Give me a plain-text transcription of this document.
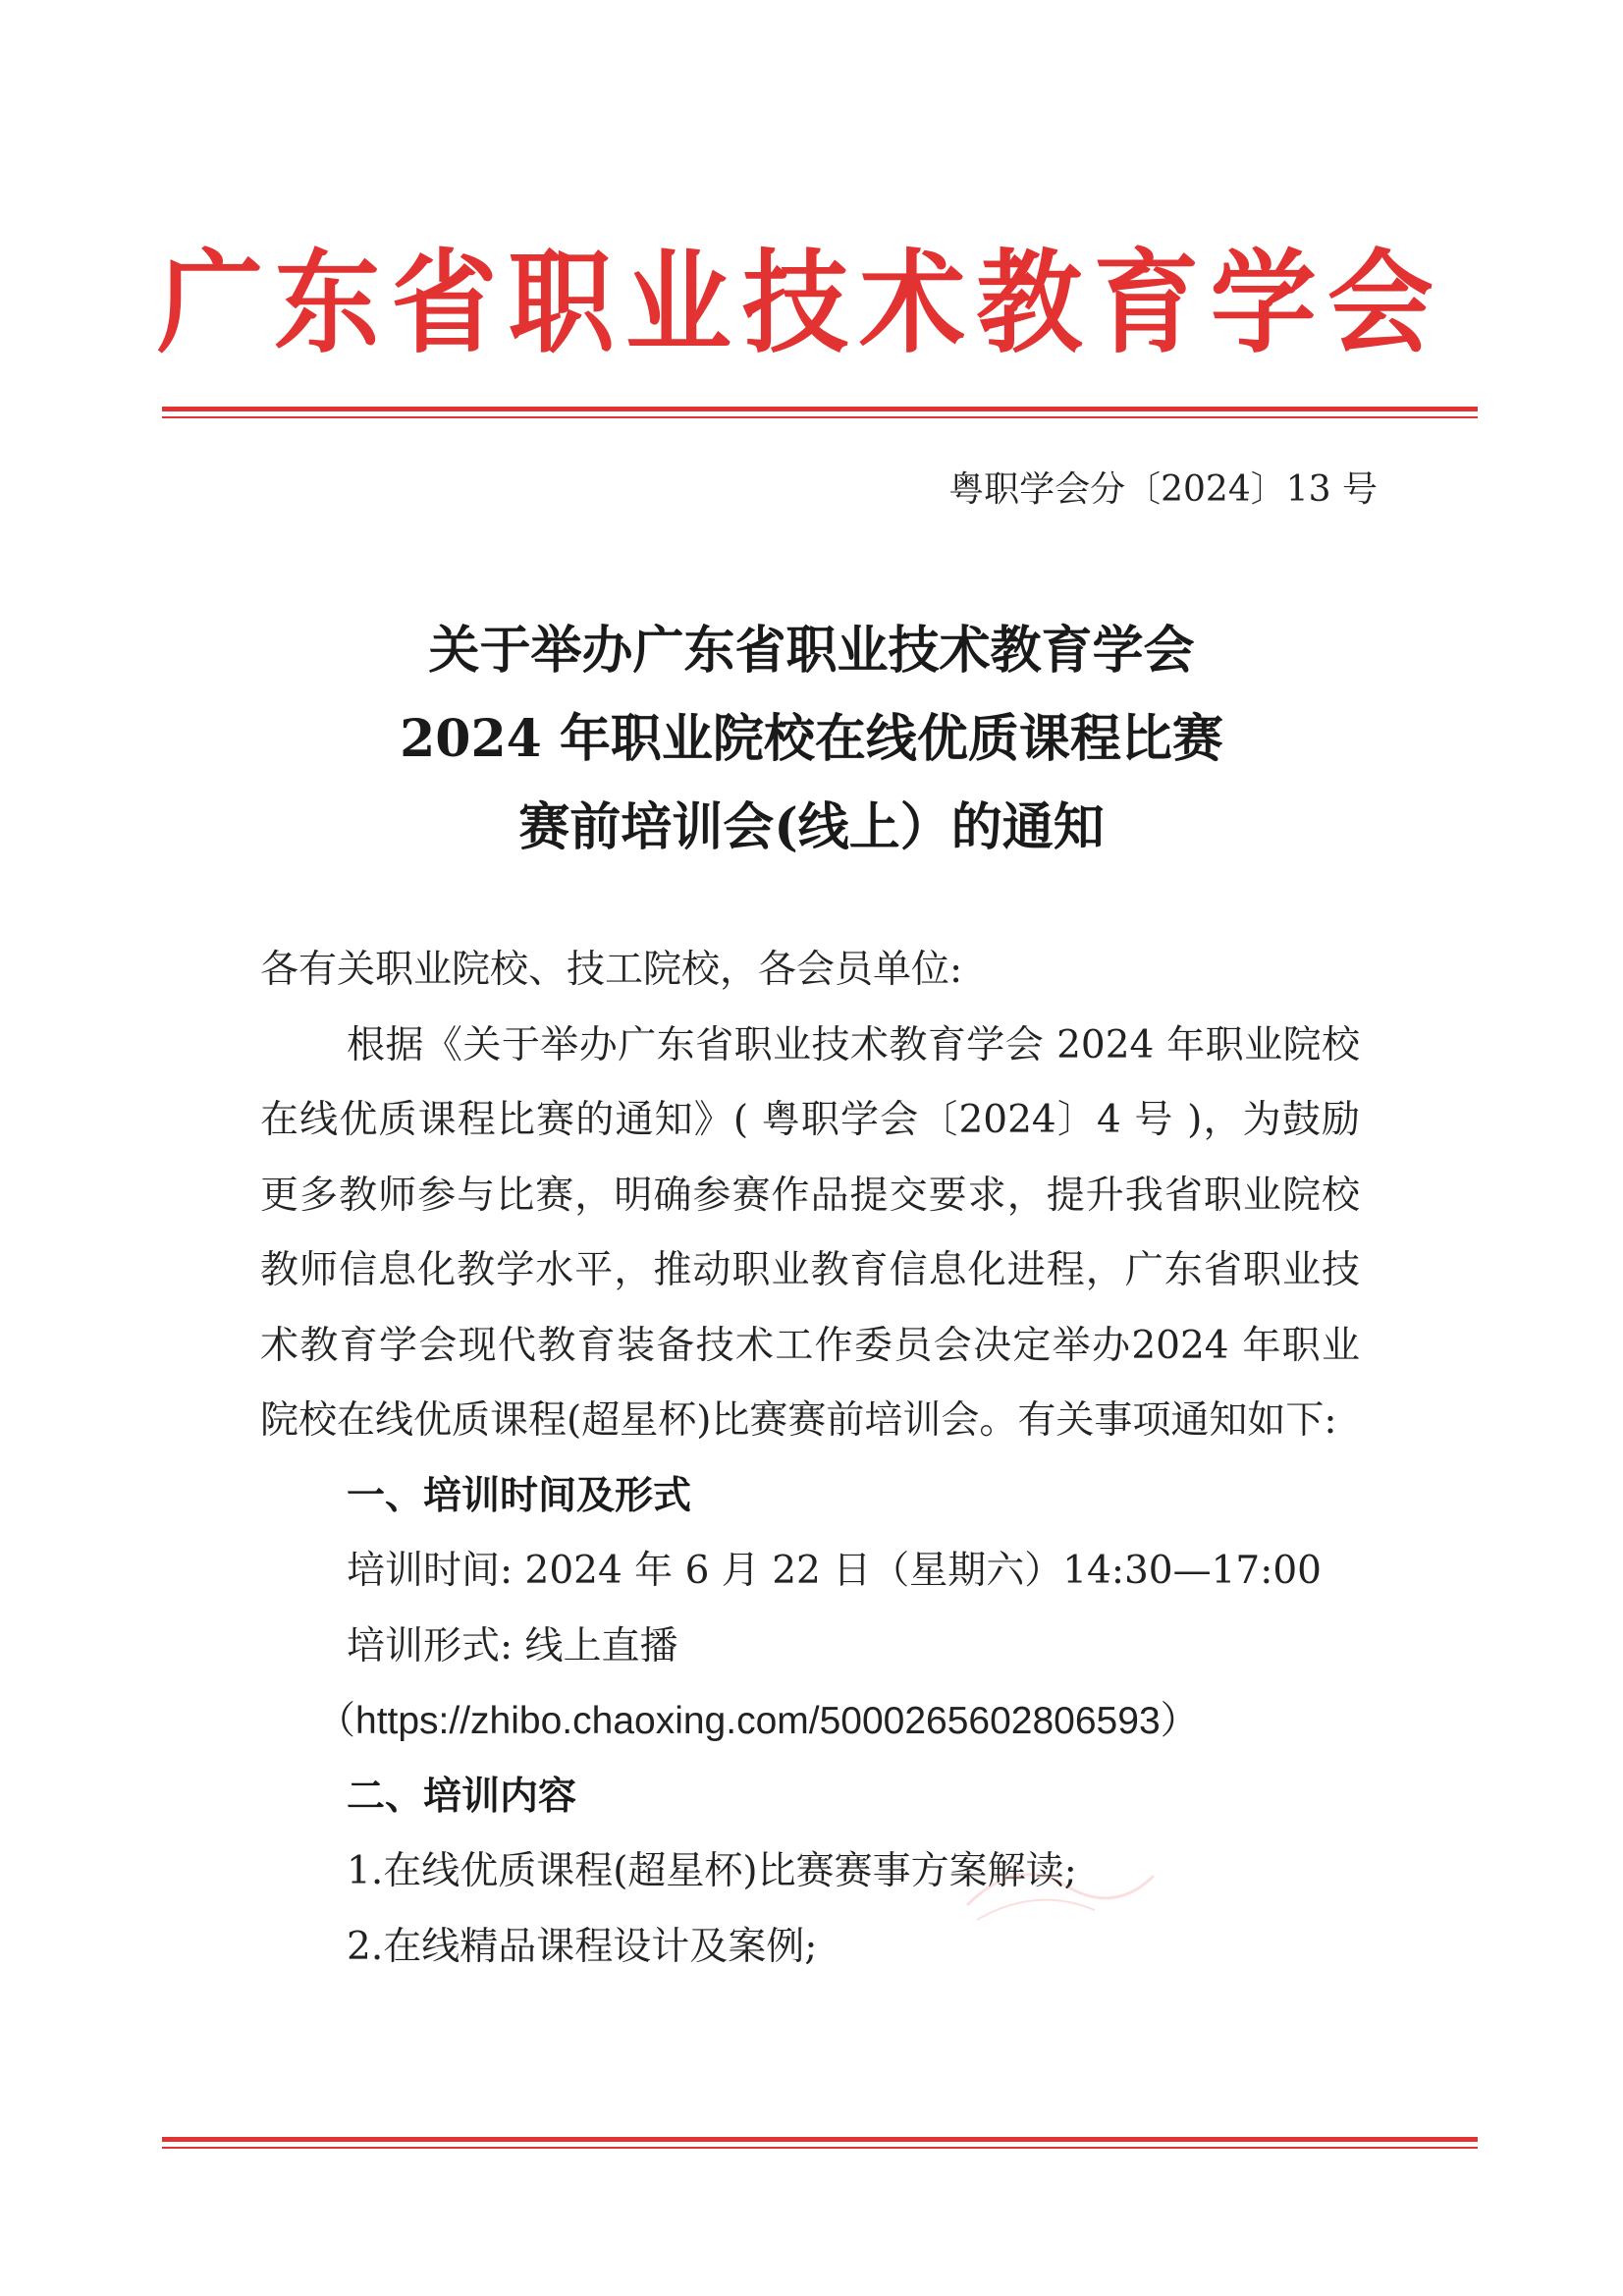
广 东 省 职 业 技 术 教 育 学 会
粤职学会分〔2024〕13 号
关于举办广东省职业技术教育学会
2024 年职业院校在线优质课程比赛
赛前培训会(线上）的通知

各有关职业院校、技工院校，各会员单位:

根据《关于举办广东省职业技术教育学会 2024 年职业院校在线优质课程比赛的通知》( 粤职学会〔2024〕4 号 )，为鼓励更多教师参与比赛，明确参赛作品提交要求，提升我省职业院校教师信息化教学水平，推动职业教育信息化进程，广东省职业技术教育学会现代教育装备技术工作委员会决定举办2024 年职业院校在线优质课程(超星杯)比赛赛前培训会。有关事项通知如下:

一、培训时间及形式

培训时间: 2024 年 6 月 22 日（星期六）14:30—17:00

培训形式: 线上直播

（https://zhibo.chaoxing.com/5000265602806593）

二、培训内容

1.在线优质课程(超星杯)比赛赛事方案解读;

2.在线精品课程设计及案例;
